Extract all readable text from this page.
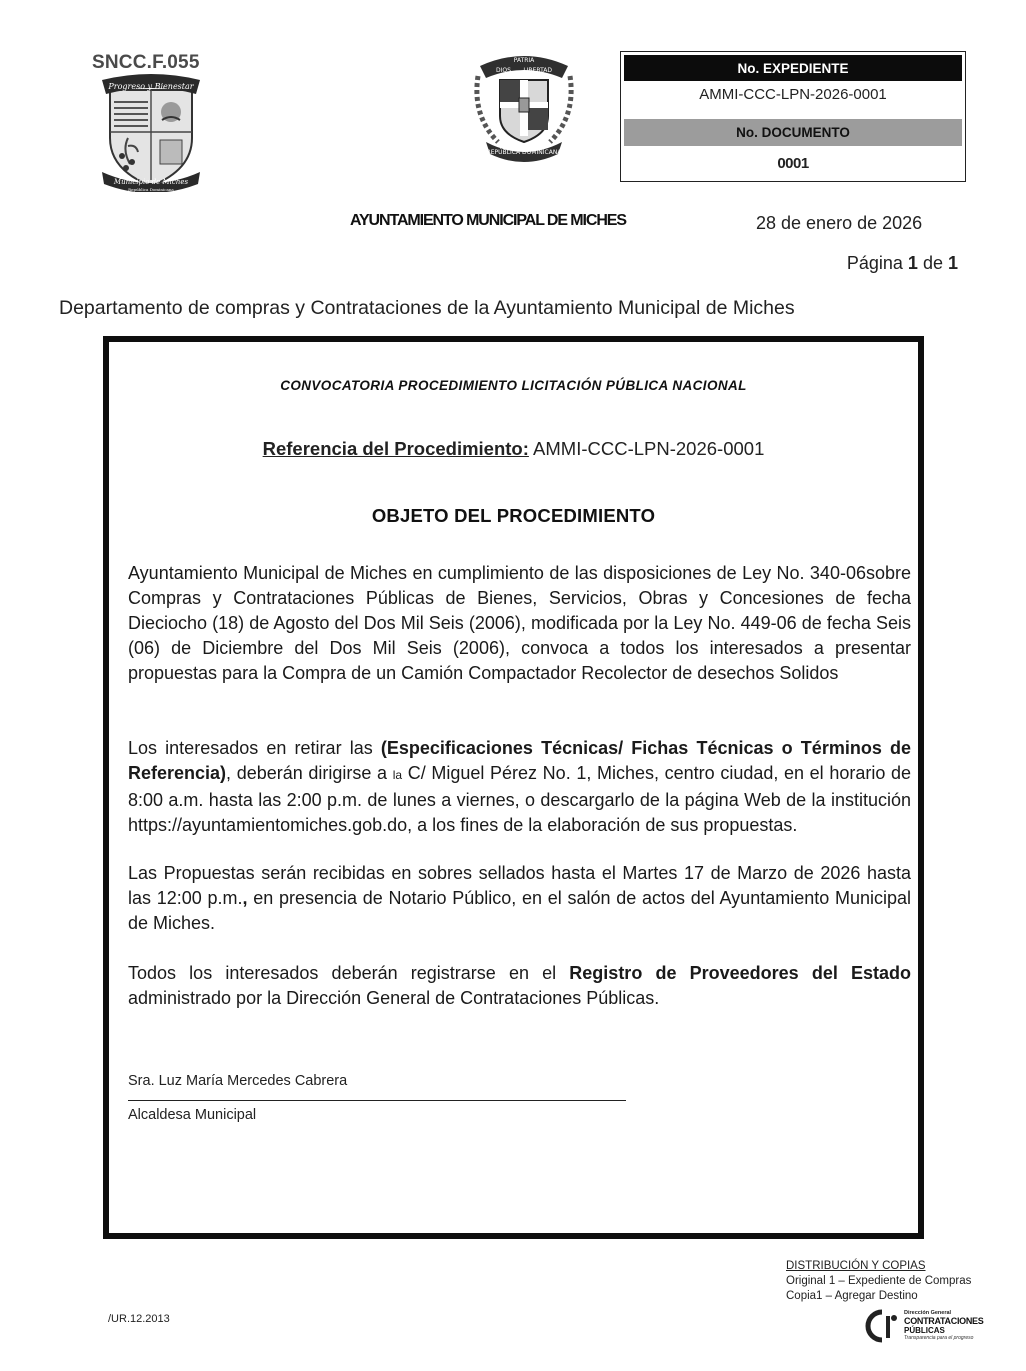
SNCC.F.055
Progreso y Bienestar
Municipio de Miches
República Dominicana
DIOS
PATRIA
LIBERTAD
REPÚBLICA DOMINICANA
No. EXPEDIENTE
AMMI-CCC-LPN-2026-0001
No. DOCUMENTO
0001
AYUNTAMIENTO MUNICIPAL DE MICHES	28 de enero de 2026
Página 1 de 1
Departamento de compras y Contrataciones de la Ayuntamiento Municipal de Miches
CONVOCATORIA PROCEDIMIENTO LICITACIÓN PÚBLICA NACIONAL
Referencia del Procedimiento: AMMI-CCC-LPN-2026-0001
OBJETO DEL PROCEDIMIENTO
Ayuntamiento Municipal de Miches en cumplimiento de las disposiciones de Ley No. 340-06sobre Compras y Contrataciones Públicas de Bienes, Servicios, Obras y Concesiones de fecha Dieciocho (18) de Agosto del Dos Mil Seis (2006), modificada por la Ley No. 449-06 de fecha Seis (06) de Diciembre del Dos Mil Seis (2006), convoca a todos los interesados a presentar propuestas para la Compra de un Camión Compactador Recolector de desechos Solidos
Los interesados en retirar las (Especificaciones Técnicas/ Fichas Técnicas o Términos de Referencia), deberán dirigirse a la C/ Miguel Pérez No. 1, Miches, centro ciudad, en el horario de 8:00 a.m. hasta las 2:00 p.m. de lunes a viernes, o descargarlo de la página Web de la institución https://ayuntamientomiches.gob.do, a los fines de la elaboración de sus propuestas.
Las Propuestas serán recibidas en sobres sellados hasta el Martes 17 de Marzo de 2026 hasta las 12:00 p.m., en presencia de Notario Público, en el salón de actos del Ayuntamiento Municipal de Miches.
Todos los interesados deberán registrarse en el Registro de Proveedores del Estado administrado por la Dirección General de Contrataciones Públicas.
Sra. Luz María Mercedes Cabrera
Alcaldesa Municipal
DISTRIBUCIÓN Y COPIAS
Original 1 – Expediente de Compras
Copia1 – Agregar Destino
/UR.12.2013	Dirección General
CONTRATACIONES
PÚBLICAS
Transparencia para el progreso
